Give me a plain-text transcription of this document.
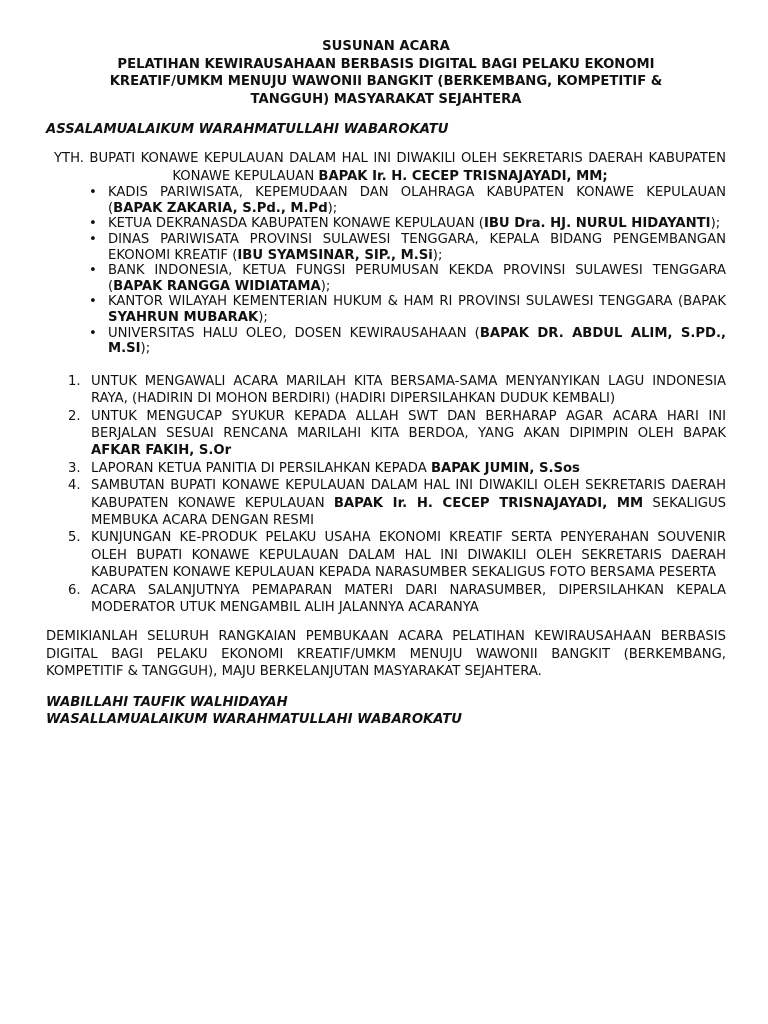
SUSUNAN ACARA
PELATIHAN KEWIRAUSAHAAN BERBASIS DIGITAL BAGI PELAKU EKONOMI
KREATIF/UMKM MENUJU WAWONII BANGKIT (BERKEMBANG, KOMPETITIF &
TANGGUH) MASYARAKAT SEJAHTERA
ASSALAMUALAIKUM WARAHMATULLAHI WABAROKATU
YTH. BUPATI KONAWE KEPULAUAN DALAM HAL INI DIWAKILI OLEH SEKRETARIS DAERAH KABUPATEN KONAWE KEPULAUAN BAPAK Ir. H. CECEP TRISNAJAYADI, MM;
• KADIS PARIWISATA, KEPEMUDAAN DAN OLAHRAGA KABUPATEN KONAWE KEPULAUAN (BAPAK ZAKARIA, S.Pd., M.Pd);
• KETUA DEKRANASDA KABUPATEN KONAWE KEPULAUAN (IBU Dra. HJ. NURUL HIDAYANTI);
• DINAS PARIWISATA PROVINSI SULAWESI TENGGARA, KEPALA BIDANG PENGEMBANGAN EKONOMI KREATIF (IBU SYAMSINAR, SIP., M.Si);
• BANK INDONESIA, KETUA FUNGSI PERUMUSAN KEKDA PROVINSI SULAWESI TENGGARA (BAPAK RANGGA WIDIATAMA);
• KANTOR WILAYAH KEMENTERIAN HUKUM & HAM RI PROVINSI SULAWESI TENGGARA (BAPAK SYAHRUN MUBARAK);
• UNIVERSITAS HALU OLEO, DOSEN KEWIRAUSAHAAN (BAPAK DR. ABDUL ALIM, S.PD., M.SI);
1. UNTUK MENGAWALI ACARA MARILAH KITA BERSAMA-SAMA MENYANYIKAN LAGU INDONESIA RAYA, (HADIRIN DI MOHON BERDIRI) (HADIRI DIPERSILAHKAN DUDUK KEMBALI)
2. UNTUK MENGUCAP SYUKUR KEPADA ALLAH SWT DAN BERHARAP AGAR ACARA HARI INI BERJALAN SESUAI RENCANA MARILAHI KITA BERDOA, YANG AKAN DIPIMPIN OLEH BAPAK AFKAR FAKIH, S.Or
3. LAPORAN KETUA PANITIA DI PERSILAHKAN KEPADA BAPAK JUMIN, S.Sos
4. SAMBUTAN BUPATI KONAWE KEPULAUAN DALAM HAL INI DIWAKILI OLEH SEKRETARIS DAERAH KABUPATEN KONAWE KEPULAUAN BAPAK Ir. H. CECEP TRISNAJAYADI, MM SEKALIGUS MEMBUKA ACARA DENGAN RESMI
5. KUNJUNGAN KE-PRODUK PELAKU USAHA EKONOMI KREATIF SERTA PENYERAHAN SOUVENIR OLEH BUPATI KONAWE KEPULAUAN DALAM HAL INI DIWAKILI OLEH SEKRETARIS DAERAH KABUPATEN KONAWE KEPULAUAN KEPADA NARASUMBER SEKALIGUS FOTO BERSAMA PESERTA
6. ACARA SALANJUTNYA PEMAPARAN MATERI DARI NARASUMBER, DIPERSILAHKAN KEPALA MODERATOR UTUK MENGAMBIL ALIH JALANNYA ACARANYA
DEMIKIANLAH SELURUH RANGKAIAN PEMBUKAAN ACARA PELATIHAN KEWIRAUSAHAAN BERBASIS DIGITAL BAGI PELAKU EKONOMI KREATIF/UMKM MENUJU WAWONII BANGKIT (BERKEMBANG, KOMPETITIF & TANGGUH), MAJU BERKELANJUTAN MASYARAKAT SEJAHTERA.
WABILLAHI TAUFIK WALHIDAYAH
WASALLAMUALAIKUM WARAHMATULLAHI WABAROKATU
